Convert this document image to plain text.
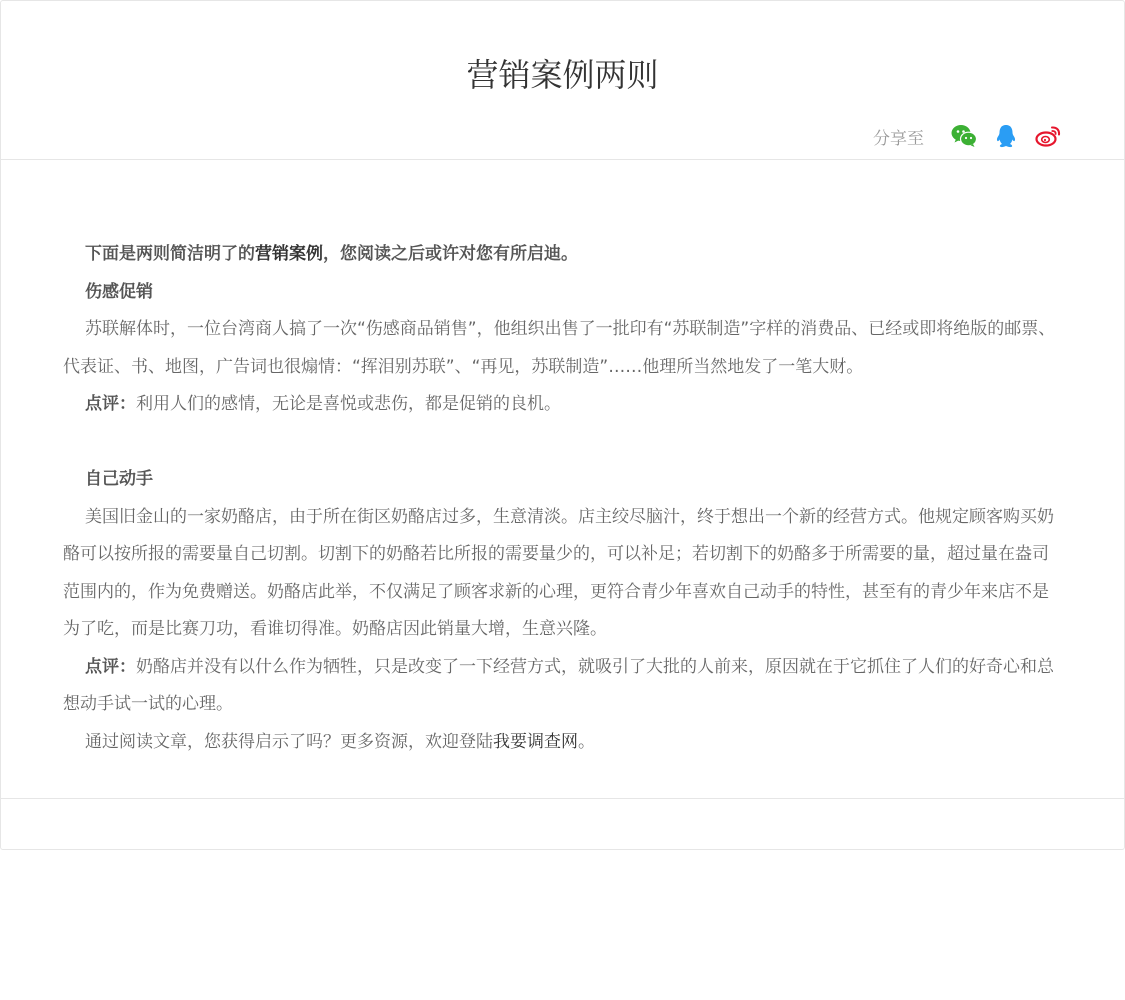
营销案例两则
分享至

下面是两则简洁明了的营销案例，您阅读之后或许对您有所启迪。

伤感促销

苏联解体时，一位台湾商人搞了一次“伤感商品销售”，他组织出售了一批印有“苏联制造”字样的消费品、已经或即将绝版的邮票、代表证、书、地图，广告词也很煽情：“挥泪别苏联”、“再见，苏联制造”……他理所当然地发了一笔大财。

点评：利用人们的感情，无论是喜悦或悲伤，都是促销的良机。

自己动手

美国旧金山的一家奶酪店，由于所在街区奶酪店过多，生意清淡。店主绞尽脑汁，终于想出一个新的经营方式。他规定顾客购买奶酪可以按所报的需要量自己切割。切割下的奶酪若比所报的需要量少的，可以补足；若切割下的奶酪多于所需要的量，超过量在盎司范围内的，作为免费赠送。奶酪店此举，不仅满足了顾客求新的心理，更符合青少年喜欢自己动手的特性，甚至有的青少年来店不是为了吃，而是比赛刀功，看谁切得准。奶酪店因此销量大增，生意兴隆。

点评：奶酪店并没有以什么作为牺牲，只是改变了一下经营方式，就吸引了大批的人前来，原因就在于它抓住了人们的好奇心和总想动手试一试的心理。

通过阅读文章，您获得启示了吗？更多资源，欢迎登陆我要调查网。
